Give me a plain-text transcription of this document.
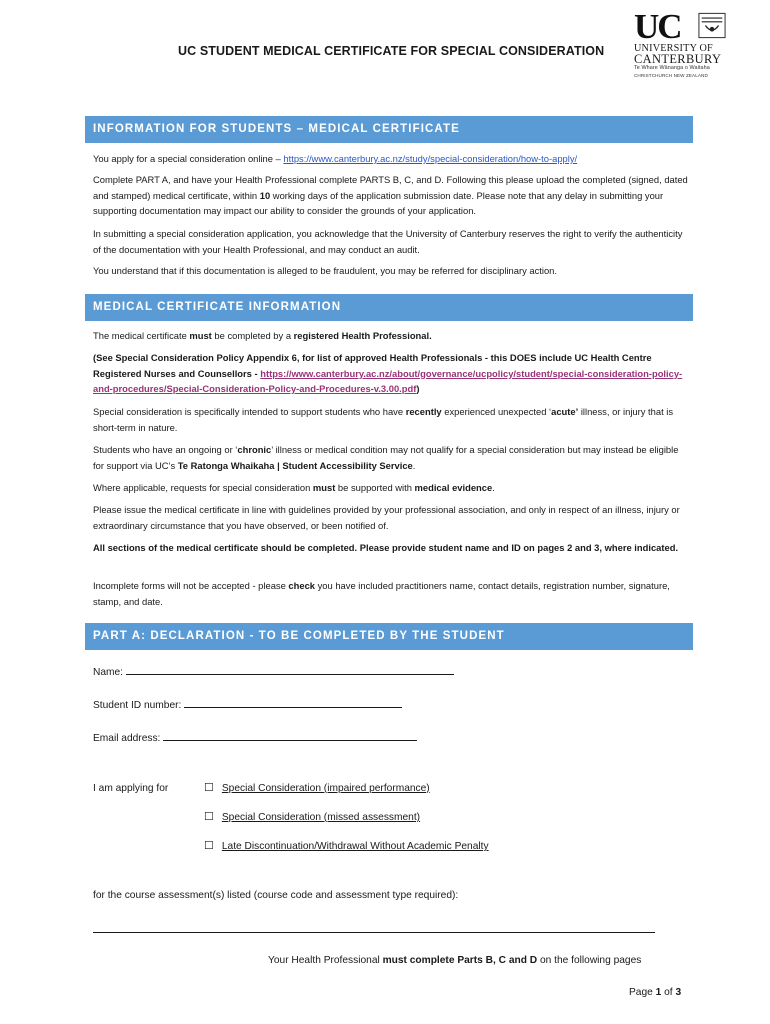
UC STUDENT MEDICAL CERTIFICATE FOR SPECIAL CONSIDERATION
UC
UNIVERSITY OF
CANTERBURY
Te Whare Wānanga o Waitaha
CHRISTCHURCH NEW ZEALAND
INFORMATION FOR STUDENTS – MEDICAL CERTIFICATE
You apply for a special consideration online – https://www.canterbury.ac.nz/study/special-consideration/how-to-apply/
Complete PART A, and have your Health Professional complete PARTS B, C, and D. Following this please upload the completed (signed, dated and stamped) medical certificate, within 10 working days of the application submission date. Please note that any delay in submitting your supporting documentation may impact our ability to consider the grounds of your application.
In submitting a special consideration application, you acknowledge that the University of Canterbury reserves the right to verify the authenticity of the documentation with your Health Professional, and may conduct an audit.
You understand that if this documentation is alleged to be fraudulent, you may be referred for disciplinary action.
MEDICAL CERTIFICATE INFORMATION
The medical certificate must be completed by a registered Health Professional.
(See Special Consideration Policy Appendix 6, for list of approved Health Professionals - this DOES include UC Health Centre Registered Nurses and Counsellors - https://www.canterbury.ac.nz/about/governance/ucpolicy/student/special-consideration-policy-and-procedures/Special-Consideration-Policy-and-Procedures-v.3.00.pdf)
Special consideration is specifically intended to support students who have recently experienced unexpected ‘acute’ illness, or injury that is short-term in nature.
Students who have an ongoing or ‘chronic’ illness or medical condition may not qualify for a special consideration but may instead be eligible for support via UC’s Te Ratonga Whaikaha | Student Accessibility Service.
Where applicable, requests for special consideration must be supported with medical evidence.
Please issue the medical certificate in line with guidelines provided by your professional association, and only in respect of an illness, injury or extraordinary circumstance that you have observed, or been notified of.
All sections of the medical certificate should be completed. Please provide student name and ID on pages 2 and 3, where indicated.
Incomplete forms will not be accepted - please check you have included practitioners name, contact details, registration number, signature, stamp, and date.
PART A: DECLARATION - TO BE COMPLETED BY THE STUDENT
Name:
Student ID number:
Email address:
I am applying for	☐ Special Consideration (impaired performance)
☐ Special Consideration (missed assessment)
☐ Late Discontinuation/Withdrawal Without Academic Penalty
for the course assessment(s) listed (course code and assessment type required):
Your Health Professional must complete Parts B, C and D on the following pages
Page 1 of 3
